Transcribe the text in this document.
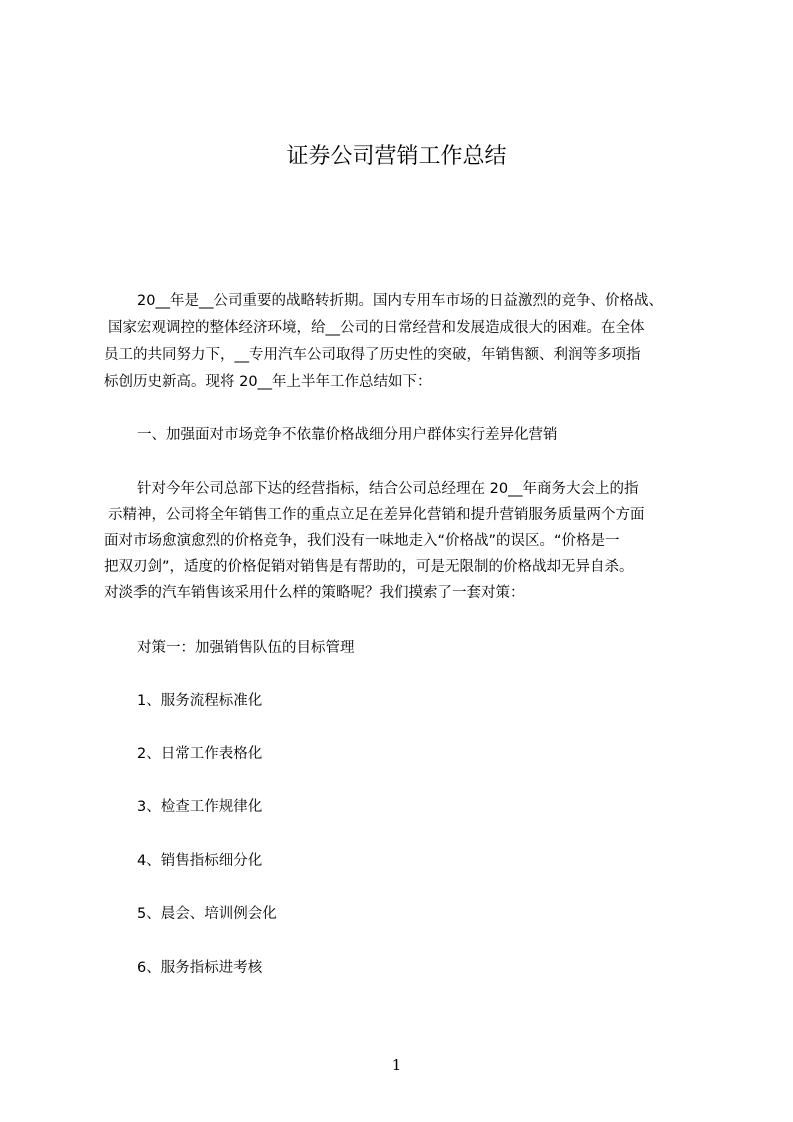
证券公司营销工作总结
20__年是__公司重要的战略转折期。国内专用车市场的日益激烈的竞争、价格战、
国家宏观调控的整体经济环境，给__公司的日常经营和发展造成很大的困难。在全体
员工的共同努力下，__专用汽车公司取得了历史性的突破，年销售额、利润等多项指
标创历史新高。现将 20__年上半年工作总结如下：
一、加强面对市场竞争不依靠价格战细分用户群体实行差异化营销
针对今年公司总部下达的经营指标，结合公司总经理在 20__年商务大会上的指
示精神，公司将全年销售工作的重点立足在差异化营销和提升营销服务质量两个方面
面对市场愈演愈烈的价格竞争，我们没有一味地走入“价格战”的误区。“价格是一
把双刃剑”，适度的价格促销对销售是有帮助的，可是无限制的价格战却无异自杀。
对淡季的汽车销售该采用什么样的策略呢？我们摸索了一套对策：
对策一：加强销售队伍的目标管理
1、服务流程标准化
2、日常工作表格化
3、检查工作规律化
4、销售指标细分化
5、晨会、培训例会化
6、服务指标进考核
1
